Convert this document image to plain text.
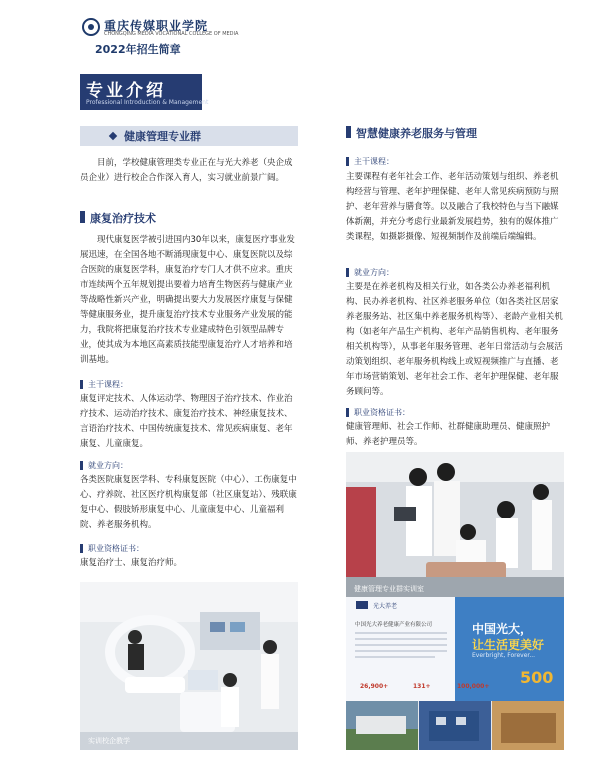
重庆传媒职业学院
CHONGQING MEDIA VOCATIONAL COLLEGE OF MEDIA
2022年招生简章
专业介绍
Professional Introduction & Management
健康管理专业群
目前，学校健康管理类专业正在与光大养老（央企成员企业）进行校企合作深入育人，实习就业前景广阔。
康复治疗技术
现代康复医学被引进国内30年以来，康复医疗事业发展迅速，在全国各地不断涌现康复中心、康复医院以及综合医院的康复医学科，康复治疗专门人才供不应求。重庆市连续两个五年规划提出要着力培育生物医药与健康产业等战略性新兴产业，明确提出要大力发展医疗康复与保健等健康服务业，提升康复治疗技术专业服务产业发展的能力，我院将把康复治疗技术专业建成特色引领型品牌专业，使其成为本地区高素质技能型康复治疗人才培养和培训基地。
主干课程：
康复评定技术、人体运动学、物理因子治疗技术、作业治疗技术、运动治疗技术、康复治疗技术、神经康复技术、言语治疗技术、中国传统康复技术、常见疾病康复、老年康复、儿童康复。
就业方向：
各类医院康复医学科、专科康复医院（中心）、工伤康复中心、疗养院、社区医疗机构康复部（社区康复站）、残联康复中心、假肢矫形康复中心、儿童康复中心、儿童福利院、养老服务机构。
职业资格证书：
康复治疗士、康复治疗师。
实训校企教学
智慧健康养老服务与管理
主干课程：
主要课程有老年社会工作、老年活动策划与组织、养老机构经营与管理、老年护理保健、老年人常见疾病预防与照护、老年营养与膳食等。以及融合了我校特色与当下融媒体新潮，并充分考虑行业最新发展趋势，独有的媒体推广类课程，如摄影摄像、短视频制作及前端后端编辑。
就业方向：
主要是在养老机构及相关行业，如各类公办养老福利机构、民办养老机构、社区养老服务单位（如各类社区居家养老服务站、社区集中养老服务机构等）、老龄产业相关机构（如老年产品生产机构、老年产品销售机构、老年服务相关机构等），从事老年服务管理、老年日常活动与会展活动策划组织、老年服务机构线上或短视频推广与直播、老年市场营销策划、老年社会工作、老年护理保健、老年服务顾问等。
职业资格证书：
健康管理师、社会工作师、社群健康助理员、健康照护师、养老护理员等。
健康管理专业群实训室
光大养老
中国光大养老健康产业有限公司	中国光大，
让生活更美好
Everbright, Forever...
26,900+	131+	100,000+ 500
